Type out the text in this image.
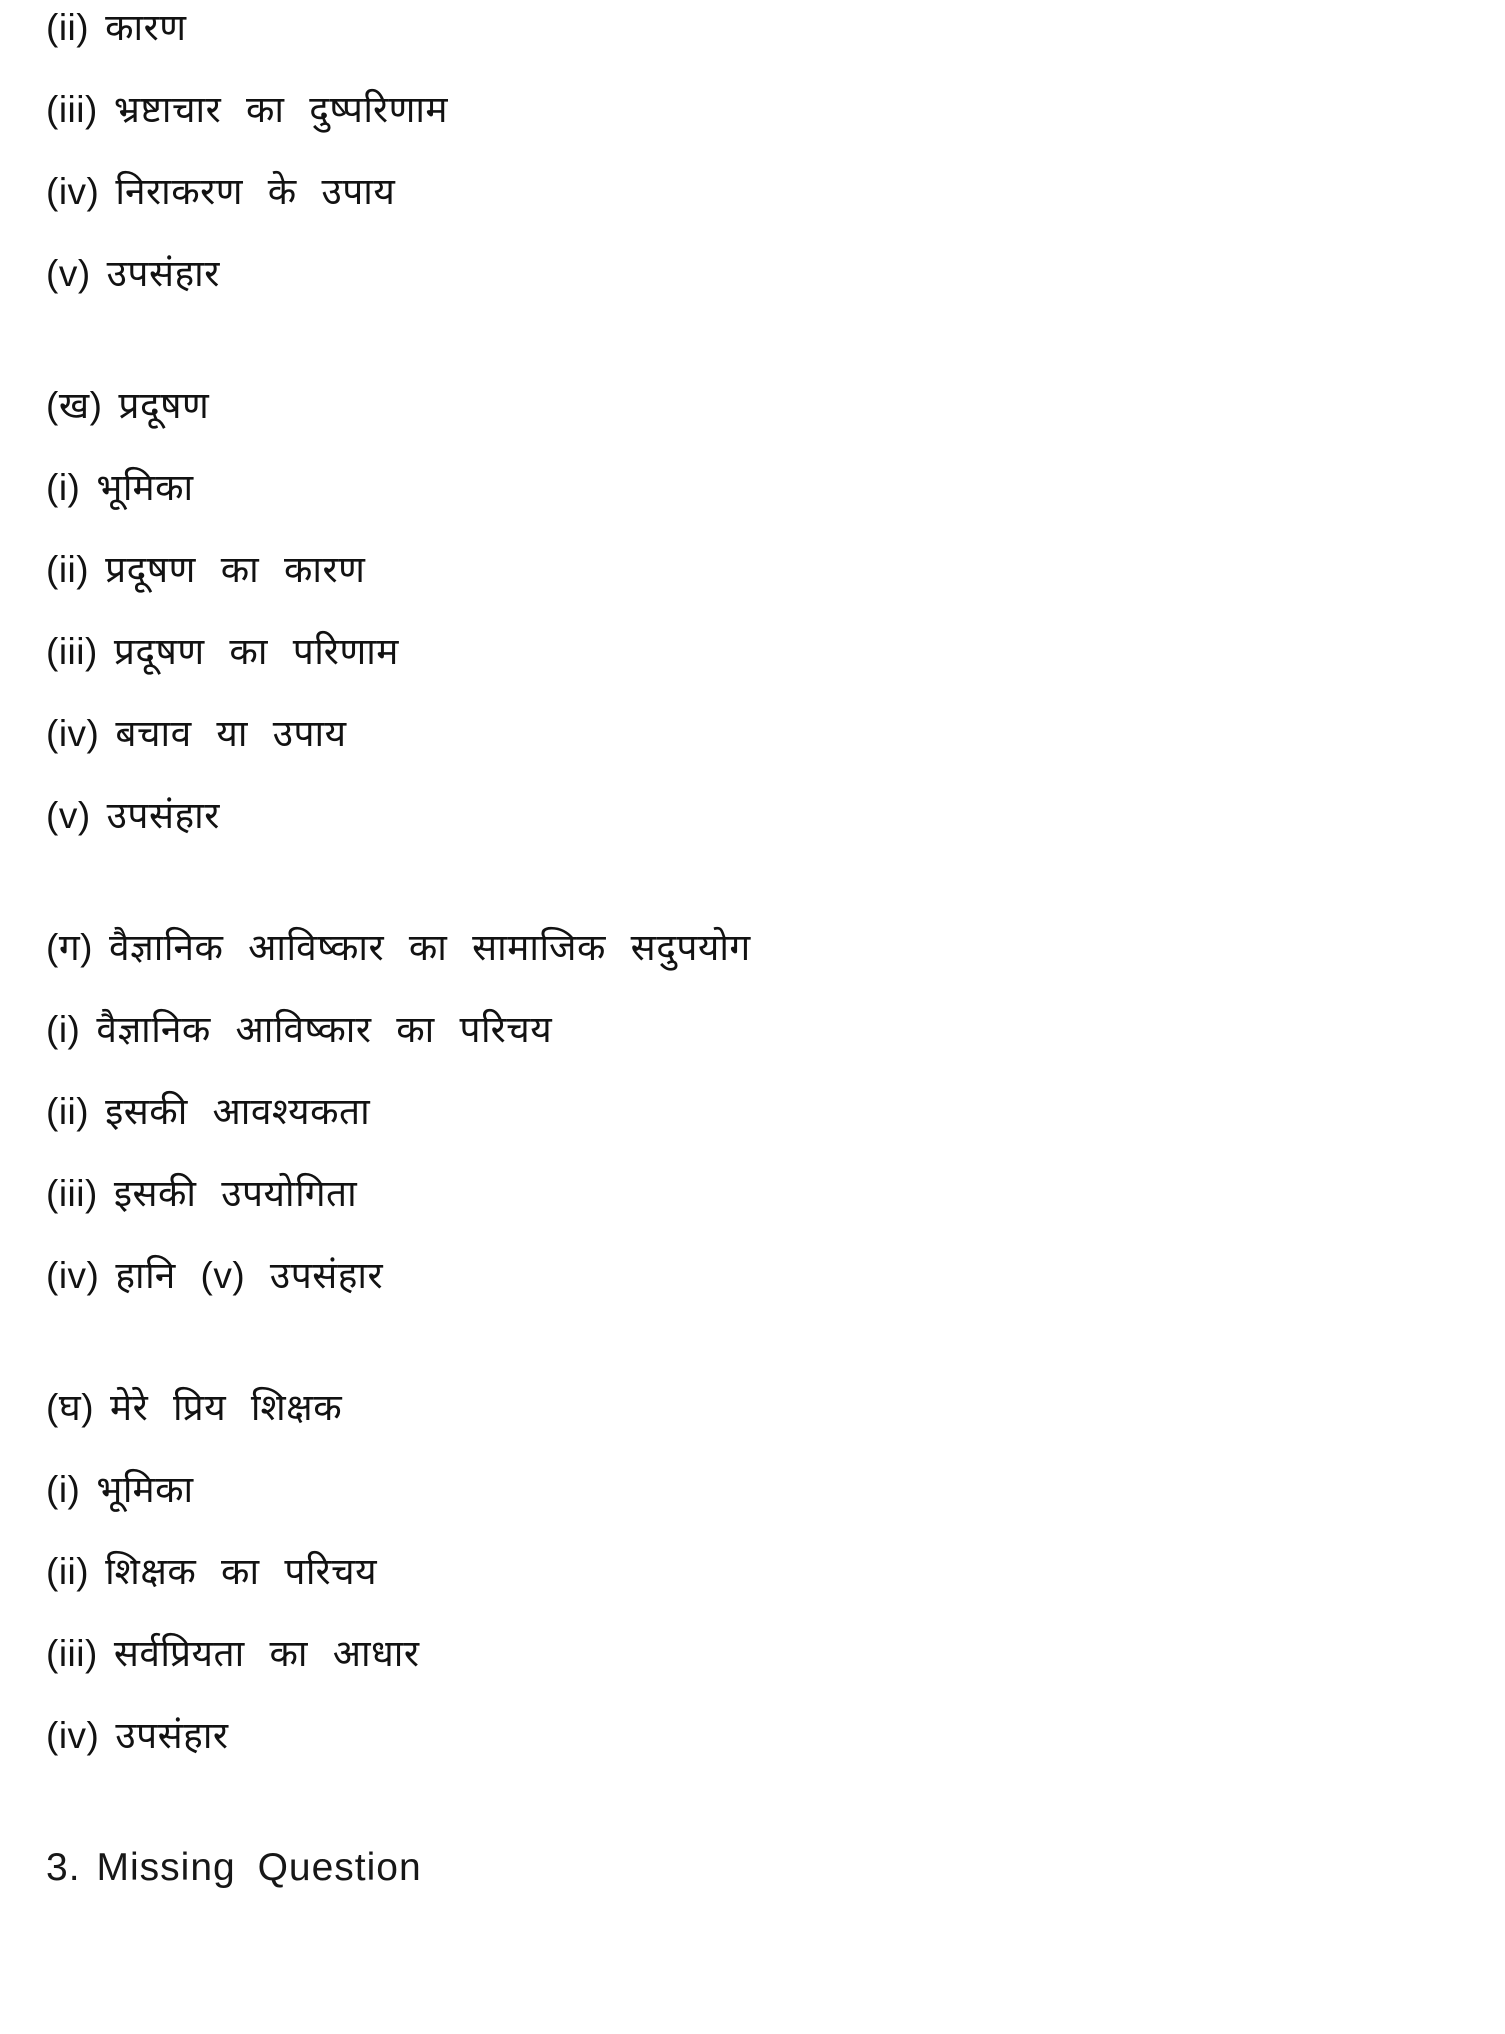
(ii) कारण
(iii) भ्रष्टाचार का दुष्परिणाम
(iv) निराकरण के उपाय
(v) उपसंहार
(ख) प्रदूषण
(i) भूमिका
(ii) प्रदूषण का कारण
(iii) प्रदूषण का परिणाम
(iv) बचाव या उपाय
(v) उपसंहार
(ग) वैज्ञानिक आविष्कार का सामाजिक सदुपयोग
(i) वैज्ञानिक आविष्कार का परिचय
(ii) इसकी आवश्यकता
(iii) इसकी उपयोगिता
(iv) हानि (v) उपसंहार
(घ) मेरे प्रिय शिक्षक
(i) भूमिका
(ii) शिक्षक का परिचय
(iii) सर्वप्रियता का आधार
(iv) उपसंहार
3. Missing Question
